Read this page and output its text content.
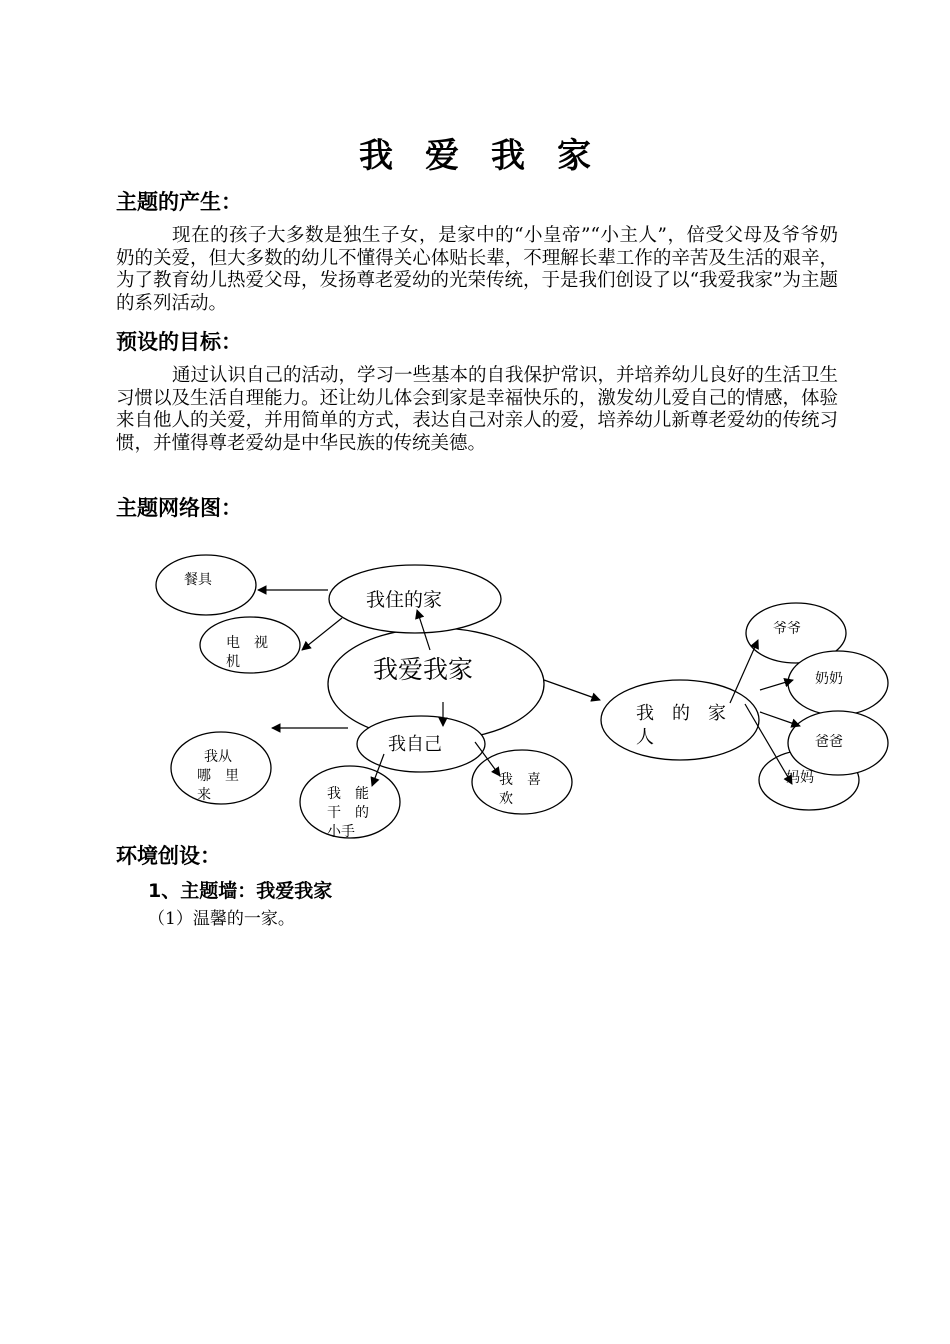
我 爱 我 家
主题的产生：
现在的孩子大多数是独生子女，是家中的“小皇帝”“小主人”，倍受父母及爷爷奶奶的关爱，但大多数的幼儿不懂得关心体贴长辈，不理解长辈工作的辛苦及生活的艰辛，为了教育幼儿热爱父母，发扬尊老爱幼的光荣传统，于是我们创设了以“我爱我家”为主题的系列活动。
预设的目标：
通过认识自己的活动，学习一些基本的自我保护常识，并培养幼儿良好的生活卫生习惯以及生活自理能力。还让幼儿体会到家是幸福快乐的，激发幼儿爱自己的情感，体验来自他人的关爱，并用简单的方式，表达自己对亲人的爱，培养幼儿新尊老爱幼的传统习惯，并懂得尊老爱幼是中华民族的传统美德。
主题网络图：
我爱我家
我住的家
我自己
我　的　家
人
餐具
电　视
机
我从
哪　里
来	我　能
干　的
小手
我　喜
欢
爷爷
奶奶
爸爸
妈妈
环境创设：
1、主题墙：我爱我家
（1）温馨的一家。
